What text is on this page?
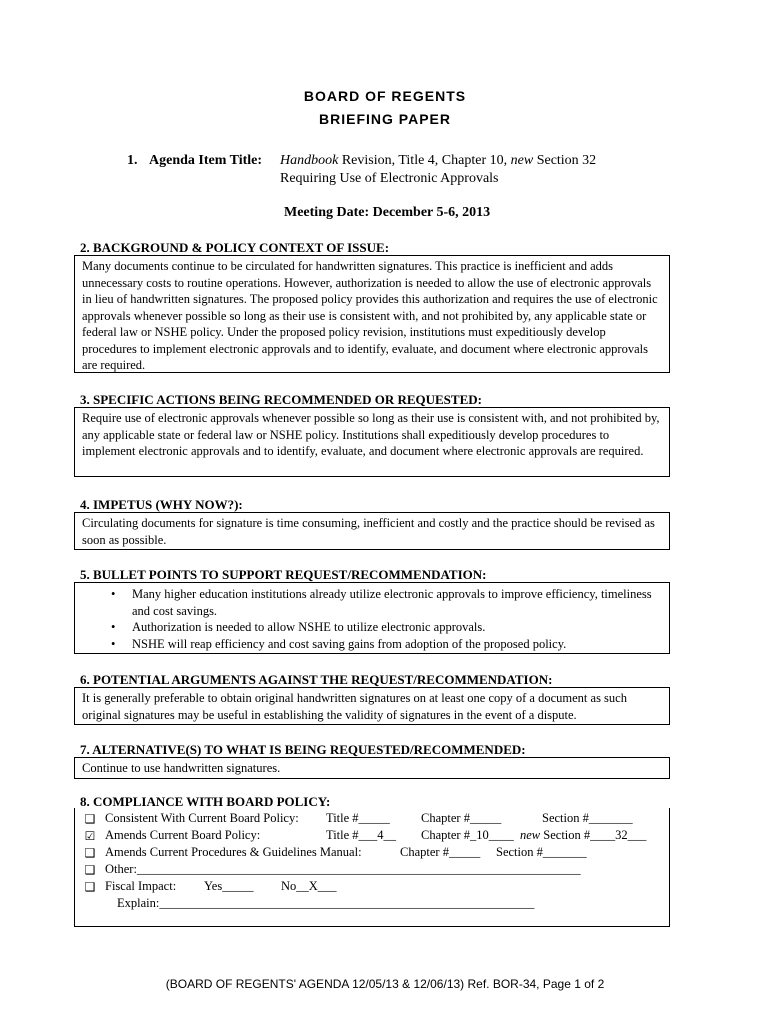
BOARD OF REGENTS
BRIEFING PAPER
1. Agenda Item Title: Handbook Revision, Title 4, Chapter 10, new Section 32
Requiring Use of Electronic Approvals
Meeting Date: December 5-6, 2013
2. BACKGROUND & POLICY CONTEXT OF ISSUE:

Many documents continue to be circulated for handwritten signatures. This practice is inefficient and adds unnecessary costs to routine operations. However, authorization is needed to allow the use of electronic approvals in lieu of handwritten signatures. The proposed policy provides this authorization and requires the use of electronic approvals whenever possible so long as their use is consistent with, and not prohibited by, any applicable state or federal law or NSHE policy. Under the proposed policy revision, institutions must expeditiously develop procedures to implement electronic approvals and to identify, evaluate, and document where electronic approvals are required.

3. SPECIFIC ACTIONS BEING RECOMMENDED OR REQUESTED:

Require use of electronic approvals whenever possible so long as their use is consistent with, and not prohibited by, any applicable state or federal law or NSHE policy. Institutions shall expeditiously develop procedures to implement electronic approvals and to identify, evaluate, and document where electronic approvals are required.

4. IMPETUS (WHY NOW?):

Circulating documents for signature is time consuming, inefficient and costly and the practice should be revised as soon as possible.

5. BULLET POINTS TO SUPPORT REQUEST/RECOMMENDATION:
• Many higher education institutions already utilize electronic approvals to improve efficiency, timeliness and cost savings.
• Authorization is needed to allow NSHE to utilize electronic approvals.
• NSHE will reap efficiency and cost saving gains from adoption of the proposed policy.
6. POTENTIAL ARGUMENTS AGAINST THE REQUEST/RECOMMENDATION:

It is generally preferable to obtain original handwritten signatures on at least one copy of a document as such original signatures may be useful in establishing the validity of signatures in the event of a dispute.

7. ALTERNATIVE(S) TO WHAT IS BEING REQUESTED/RECOMMENDED:

Continue to use handwritten signatures.

8. COMPLIANCE WITH BOARD POLICY:
❑ Consistent With Current Board Policy: Title #_____ Chapter #_____	Section #_______
☑ Amends Current Board Policy:	Title #___4__ Chapter #_10____ new Section #____32___
❑ Amends Current Procedures & Guidelines Manual:	Chapter #_____ Section #_______
❑ Other:_______________________________________________________________________
❑ Fiscal Impact: Yes_____ No__X___
Explain:____________________________________________________________
(BOARD OF REGENTS' AGENDA 12/05/13 & 12/06/13) Ref. BOR-34, Page 1 of 2
